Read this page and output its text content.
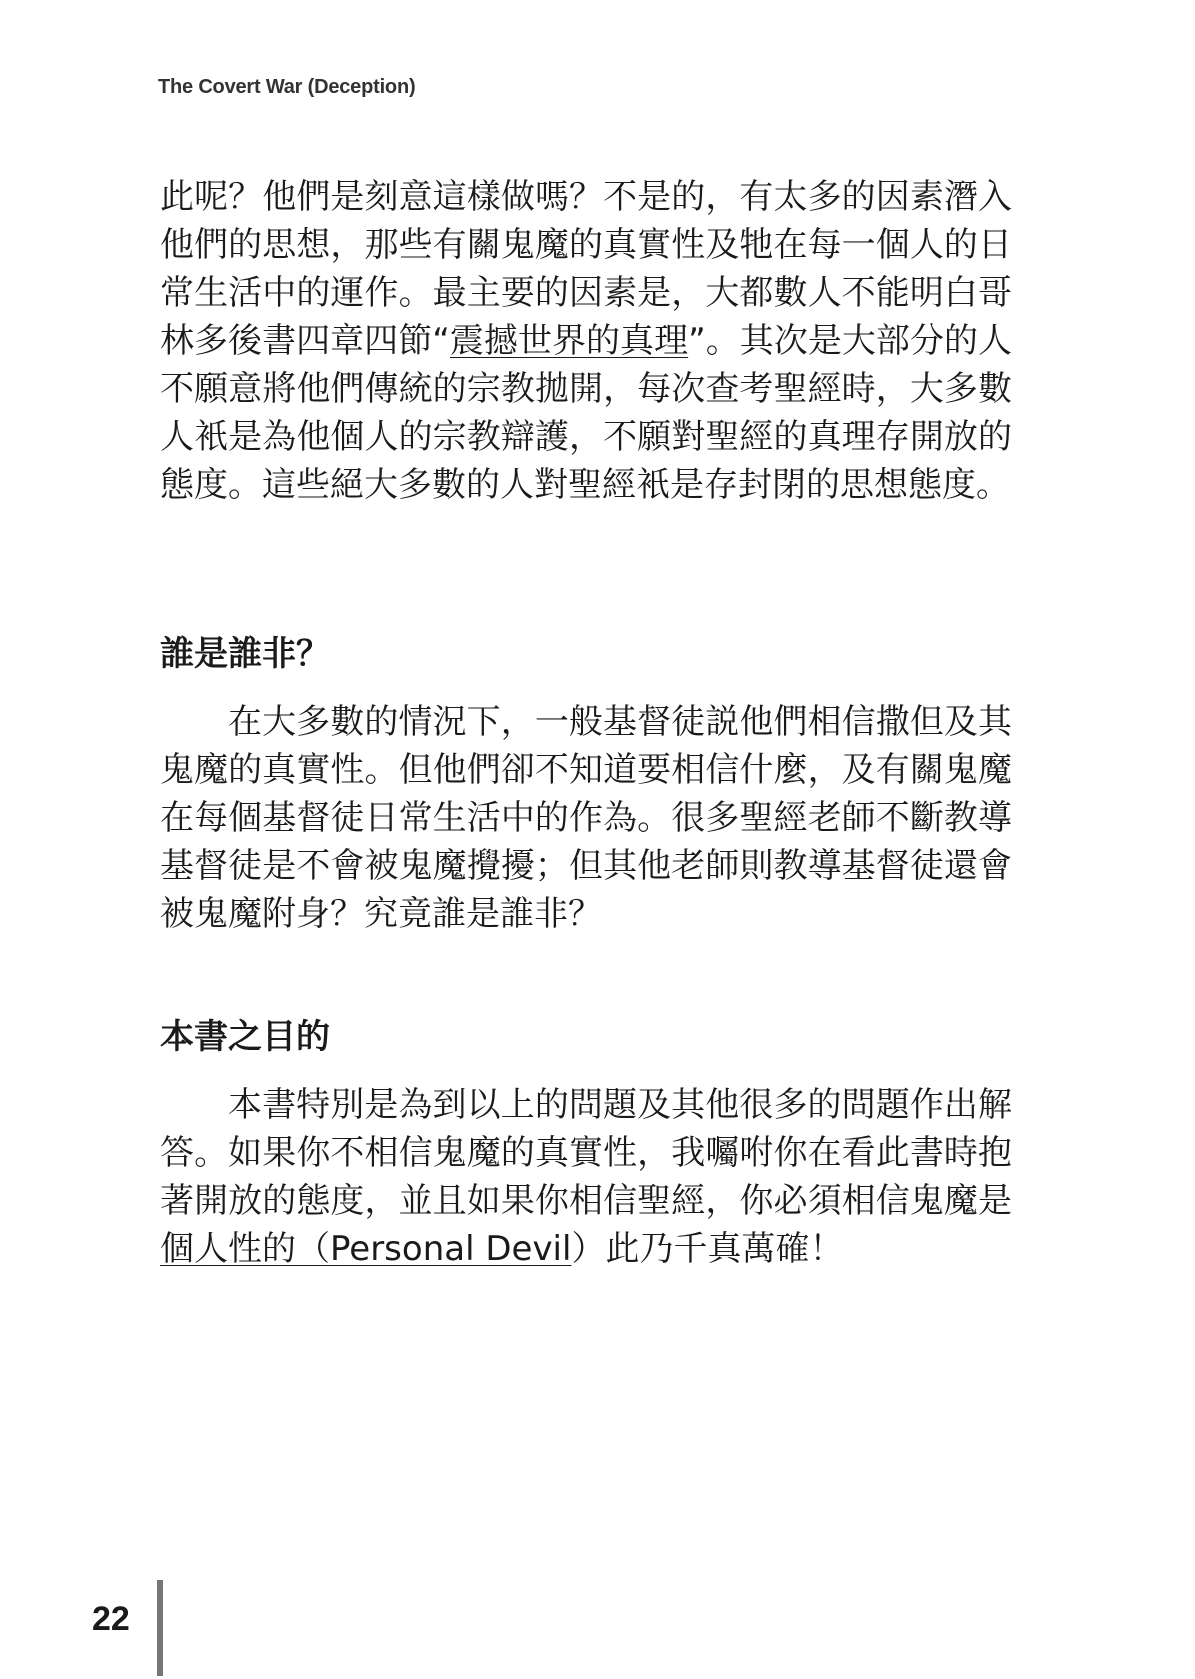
The Covert War (Deception)

此呢？他們是刻意這樣做嗎？不是的，有太多的因素潛入他們的思想，那些有關鬼魔的真實性及牠在每一個人的日常生活中的運作。最主要的因素是，大都數人不能明白哥林多後書四章四節“震撼世界的真理”。其次是大部分的人不願意將他們傳統的宗教拋開，每次查考聖經時，大多數人衹是為他個人的宗教辯護，不願對聖經的真理存開放的態度。這些絕大多數的人對聖經衹是存封閉的思想態度。

誰是誰非？

在大多數的情況下，一般基督徒説他們相信撒但及其鬼魔的真實性。但他們卻不知道要相信什麼，及有關鬼魔在每個基督徒日常生活中的作為。很多聖經老師不斷教導基督徒是不會被鬼魔攪擾；但其他老師則教導基督徒還會被鬼魔附身？究竟誰是誰非？

本書之目的

本書特別是為到以上的問題及其他很多的問題作出解答。如果你不相信鬼魔的真實性，我囑咐你在看此書時抱著開放的態度，並且如果你相信聖經，你必須相信鬼魔是個人性的（Personal Devil）此乃千真萬確！

22
